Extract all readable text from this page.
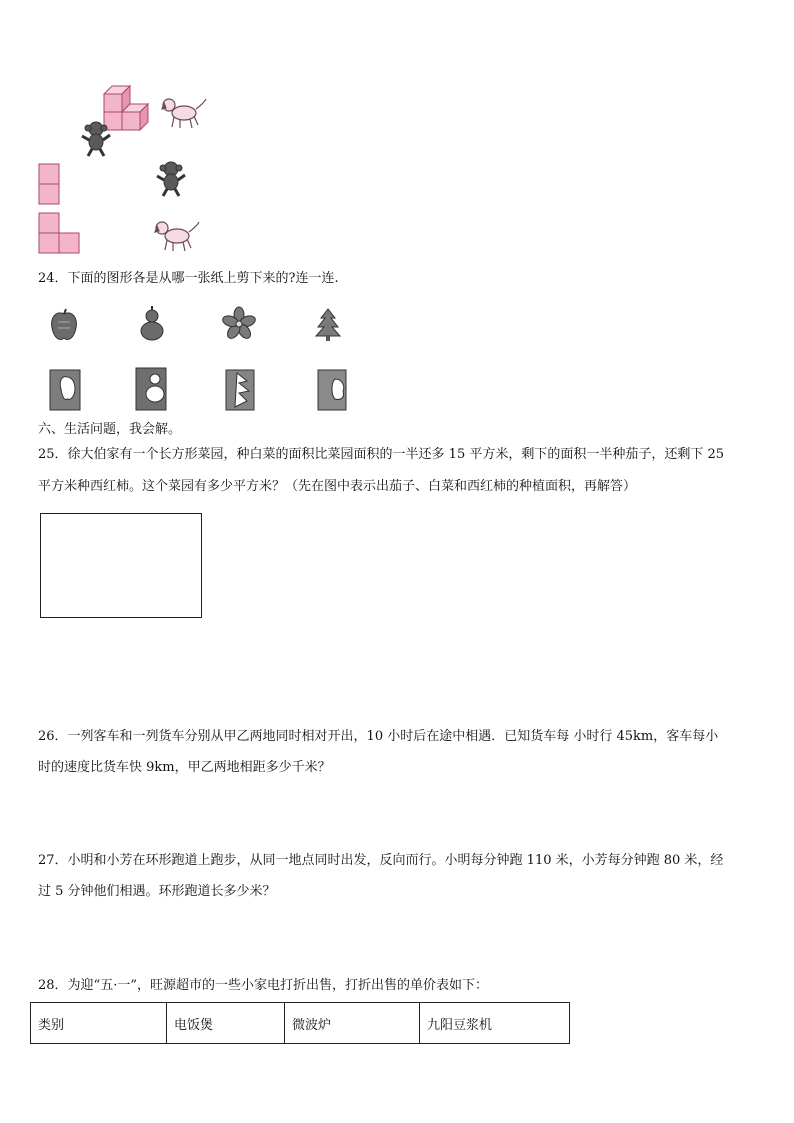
24．下面的图形各是从哪一张纸上剪下来的?连一连.
六、生活问题，我会解。
25．徐大伯家有一个长方形菜园，种白菜的面积比菜园面积的一半还多 15 平方米，剩下的面积一半种茄子，还剩下 25
平方米种西红柿。这个菜园有多少平方米？（先在图中表示出茄子、白菜和西红柿的种植面积，再解答）
26．一列客车和一列货车分别从甲乙两地同时相对开出，10 小时后在途中相遇．已知货车每 小时行 45km，客车每小
时的速度比货车快 9km，甲乙两地相距多少千米？
27．小明和小芳在环形跑道上跑步，从同一地点同时出发，反向而行。小明每分钟跑 110 米，小芳每分钟跑 80 米，经
过 5 分钟他们相遇。环形跑道长多少米？
28．为迎“五·一”，旺源超市的一些小家电打折出售，打折出售的单价表如下：
类别	电饭煲	微波炉	九阳豆浆机
